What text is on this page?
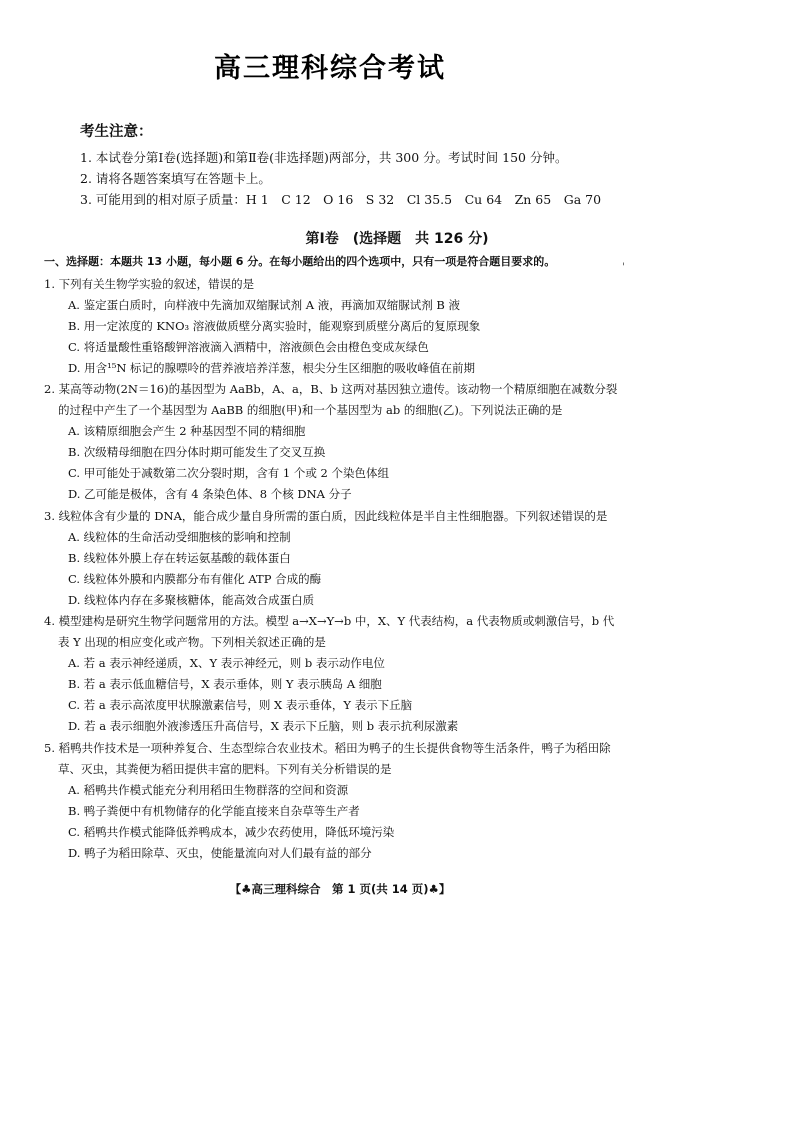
高三理科综合考试
考生注意：
1. 本试卷分第Ⅰ卷(选择题)和第Ⅱ卷(非选择题)两部分，共 300 分。考试时间 150 分钟。
2. 请将各题答案填写在答题卡上。
3. 可能用到的相对原子质量：H 1　C 12　O 16　S 32　Cl 35.5　Cu 64　Zn 65　Ga 70
第Ⅰ卷　(选择题　共 126 分)
一、选择题：本题共 13 小题，每小题 6 分。在每小题给出的四个选项中，只有一项是符合题目要求的。	'
1. 下列有关生物学实验的叙述，错误的是
A. 鉴定蛋白质时，向样液中先滴加双缩脲试剂 A 液，再滴加双缩脲试剂 B 液
B. 用一定浓度的 KNO₃ 溶液做质壁分离实验时，能观察到质壁分离后的复原现象
C. 将适量酸性重铬酸钾溶液滴入酒精中，溶液颜色会由橙色变成灰绿色
D. 用含¹⁵N 标记的腺嘌呤的营养液培养洋葱，根尖分生区细胞的吸收峰值在前期
2. 某高等动物(2N＝16)的基因型为 AaBb，A、a，B、b 这两对基因独立遗传。该动物一个精原细胞在减数分裂的过程中产生了一个基因型为 AaBB 的细胞(甲)和一个基因型为 ab 的细胞(乙)。下列说法正确的是
A. 该精原细胞会产生 2 种基因型不同的精细胞
B. 次级精母细胞在四分体时期可能发生了交叉互换
C. 甲可能处于减数第二次分裂时期，含有 1 个或 2 个染色体组
D. 乙可能是极体，含有 4 条染色体、8 个核 DNA 分子
3. 线粒体含有少量的 DNA，能合成少量自身所需的蛋白质，因此线粒体是半自主性细胞器。下列叙述错误的是
A. 线粒体的生命活动受细胞核的影响和控制
B. 线粒体外膜上存在转运氨基酸的载体蛋白
C. 线粒体外膜和内膜都分布有催化 ATP 合成的酶
D. 线粒体内存在多聚核糖体，能高效合成蛋白质
4. 模型建构是研究生物学问题常用的方法。模型 a→X→Y→b 中，X、Y 代表结构，a 代表物质或刺激信号，b 代表 Y 出现的相应变化或产物。下列相关叙述正确的是
A. 若 a 表示神经递质，X、Y 表示神经元，则 b 表示动作电位
B. 若 a 表示低血糖信号，X 表示垂体，则 Y 表示胰岛 A 细胞
C. 若 a 表示高浓度甲状腺激素信号，则 X 表示垂体，Y 表示下丘脑
D. 若 a 表示细胞外液渗透压升高信号，X 表示下丘脑，则 b 表示抗利尿激素
5. 稻鸭共作技术是一项种养复合、生态型综合农业技术。稻田为鸭子的生长提供食物等生活条件，鸭子为稻田除草、灭虫，其粪便为稻田提供丰富的肥料。下列有关分析错误的是
A. 稻鸭共作模式能充分利用稻田生物群落的空间和资源
B. 鸭子粪便中有机物储存的化学能直接来自杂草等生产者
C. 稻鸭共作模式能降低养鸭成本，减少农药使用，降低环境污染
D. 鸭子为稻田除草、灭虫，使能量流向对人们最有益的部分
【♣高三理科综合　第 1 页(共 14 页)♣】
